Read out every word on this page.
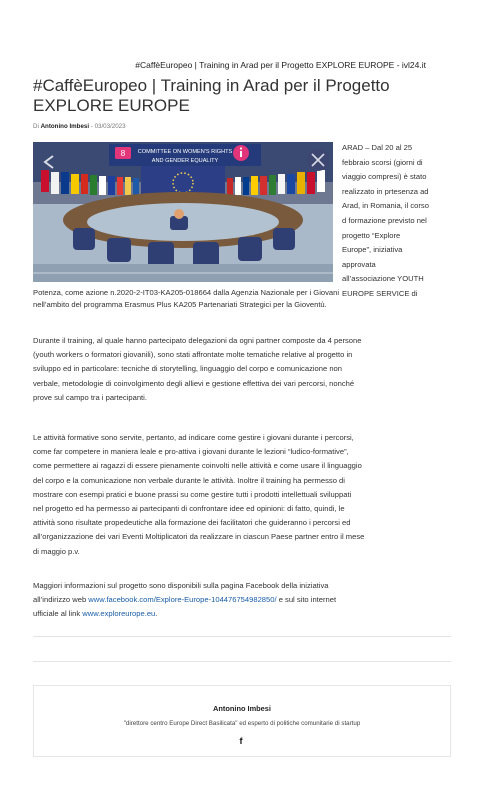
#CaffèEuropeo | Training in Arad per il Progetto EXPLORE EUROPE - ivl24.it
#CaffèEuropeo | Training in Arad per il Progetto EXPLORE EUROPE
Di Antonino Imbesi - 03/03/2023
COMMITTEE ON WOMEN'S RIGHTS
AND GENDER EQUALITY
8
ARAD – Dal 20 al 25
febbraio scorsi (giorni di
viaggio compresi) è stato
realizzato in prtesenza ad
Arad, in Romania, il corso
d formazione previsto nel
progetto “Explore
Europe”, iniziativa
approvata
all’associazione YOUTH
EUROPE SERVICE di
Potenza, come azione n.2020-2-IT03-KA205-018664 dalla Agenzia Nazionale per i Giovani
nell’ambito del programma Erasmus Plus KA205 Partenariati Strategici per la Gioventù.
Durante il training, al quale hanno partecipato delegazioni da ogni partner composte da 4 persone
(youth workers o formatori giovanili), sono stati affrontate molte tematiche relative al progetto in
sviluppo ed in particolare: tecniche di storytelling, linguaggio del corpo e comunicazione non
verbale, metodologie di coinvolgimento degli allievi e gestione effettiva dei vari percorsi, nonché
prove sul campo tra i partecipanti.
Le attività formative sono servite, pertanto, ad indicare come gestire i giovani durante i percorsi,
come far competere in maniera leale e pro-attiva i giovani durante le lezioni “ludico-formative”,
come permettere ai ragazzi di essere pienamente coinvolti nelle attività e come usare il linguaggio
del corpo e la comunicazione non verbale durante le attività. Inoltre il training ha permesso di
mostrare con esempi pratici e buone prassi su come gestire tutti i prodotti intellettuali sviluppati
nel progetto ed ha permesso ai partecipanti di confrontare idee ed opinioni: di fatto, quindi, le
attività sono risultate propedeutiche alla formazione dei facilitatori che guideranno i percorsi ed
all’organizzazione dei vari Eventi Moltiplicatori da realizzare in ciascun Paese partner entro il mese
di maggio p.v.
Maggiori informazioni sul progetto sono disponibili sulla pagina Facebook della iniziativa
all’indirizzo web www.facebook.com/Explore-Europe-104476754982850/ e sul sito internet
ufficiale al link www.exploreurope.eu.
Antonino Imbesi
"direttore centro Europe Direct Basilicata" ed esperto di politiche comunitarie di startup
f
